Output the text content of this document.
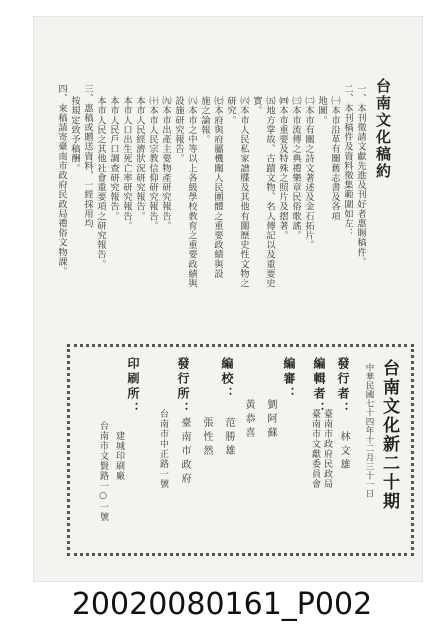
台南文化稿約
一、本刊徵請文獻先進及刊好者惠賜稿件。
二、本刊稿件及資料徵集範圍如左：
㈠本市沿革有關舊志書及各項
地圖。
㈡本市有關之詩文著述及金石拓片。
㈢本市流傳之典禮樂章民俗歌謠。
㈣本市重要及特殊之照片及摺著。
㈤地方掌故、古蹟文物、名人傳記以及重要史
實。
㈥本市人民私家譜牒及其他有關歷史性文物之
研究。
㈦本府與府屬機關人民團體之重要政績與設
施之論報。
㈧本市之中等以上各級學校教育之重要政績與
設施研究報告。
㈨本市出產主要物產研究報告。
㈩本市人民宗教信仰研究報告。
本市人民經濟狀況研究報告。
本市人口出生死亡率研究報告。
本市人民戶口調查研究報告。
本市人民之其他社會重要項之研究報告。
三、惠稿或贈送資料，一經採用均
按規定致予稿酬。
四、來稿請寄臺南市政府民政局禮俗文物課。
台南文化新二十期
中華民國七十四年十二月三十一日
發行者：
林文雄
編輯者：
臺南市文獻委員會 臺南市政府民政局
編審：
劉阿蘇
黃恭喜
編校：
范勝雄
張性然
發行所：
臺南市政府
台南市中正路一號
印刷所：
建城印刷廠
台南市文賢路一○一號
20020080161_P002
